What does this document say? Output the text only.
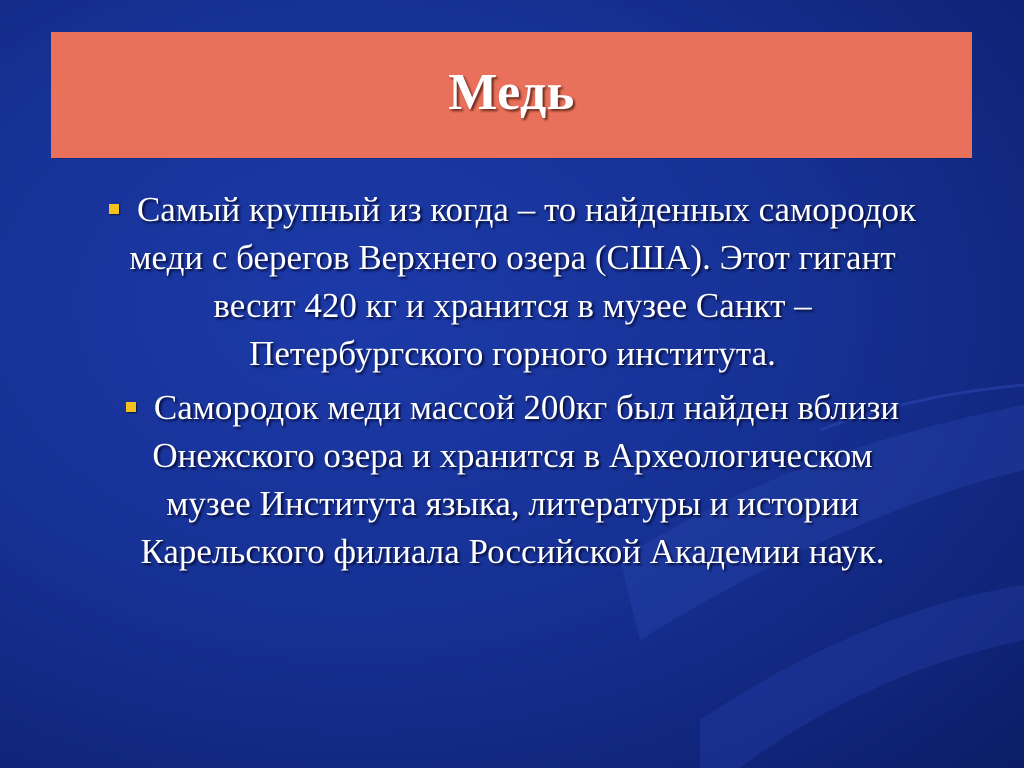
Медь
Самый крупный из когда – то найденных самородок
меди с берегов Верхнего озера (США). Этот гигант
весит 420 кг и хранится в музее Санкт –
Петербургского горного института.
Самородок меди массой 200кг был найден вблизи
Онежского озера и хранится в Археологическом
музее Института языка, литературы и истории
Карельского филиала Российской Академии наук.
